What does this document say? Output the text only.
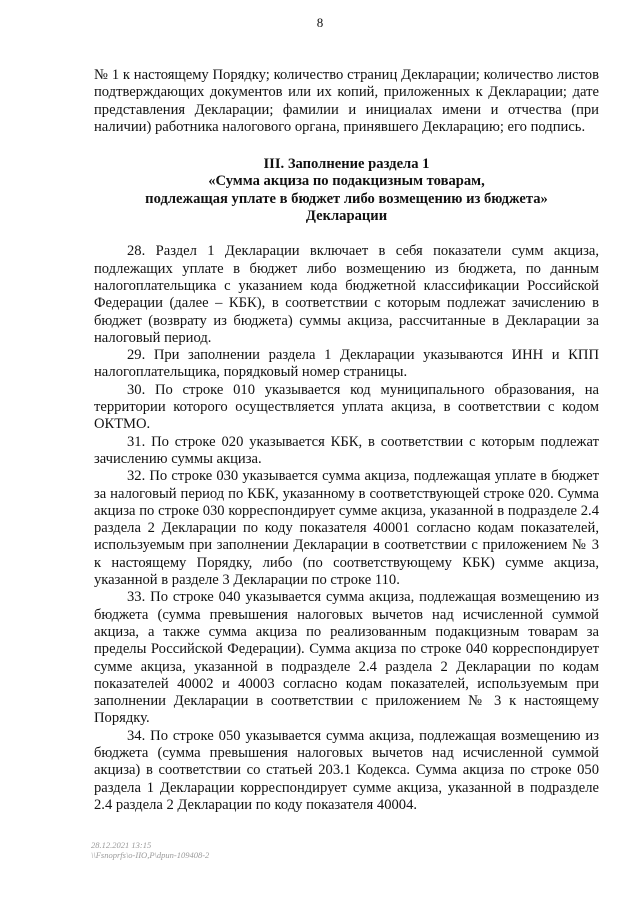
8

№ 1 к настоящему Порядку; количество страниц Декларации; количество листов подтверждающих документов или их копий, приложенных к Декларации; дате представления Декларации; фамилии и инициалах имени и отчества (при наличии) работника налогового органа, принявшего Декларацию; его подпись.

III. Заполнение раздела 1
«Сумма акциза по подакцизным товарам,
подлежащая уплате в бюджет либо возмещению из бюджета»
Декларации

28. Раздел 1 Декларации включает в себя показатели сумм акциза, подлежащих уплате в бюджет либо возмещению из бюджета, по данным налогоплательщика с указанием кода бюджетной классификации Российской Федерации (далее – КБК), в соответствии с которым подлежат зачислению в бюджет (возврату из бюджета) суммы акциза, рассчитанные в Декларации за налоговый период.

29. При заполнении раздела 1 Декларации указываются ИНН и КПП налогоплательщика, порядковый номер страницы.

30. По строке 010 указывается код муниципального образования, на территории которого осуществляется уплата акциза, в соответствии с кодом ОКТМО.

31. По строке 020 указывается КБК, в соответствии с которым подлежат зачислению суммы акциза.

32. По строке 030 указывается сумма акциза, подлежащая уплате в бюджет за налоговый период по КБК, указанному в соответствующей строке 020. Сумма акциза по строке 030 корреспондирует сумме акциза, указанной в подразделе 2.4 раздела 2 Декларации по коду показателя 40001 согласно кодам показателей, используемым при заполнении Декларации в соответствии с приложением № 3 к настоящему Порядку, либо (по соответствующему КБК) сумме акциза, указанной в разделе 3 Декларации по строке 110.

33. По строке 040 указывается сумма акциза, подлежащая возмещению из бюджета (сумма превышения налоговых вычетов над исчисленной суммой акциза, а также сумма акциза по реализованным подакцизным товарам за пределы Российской Федерации). Сумма акциза по строке 040 корреспондирует сумме акциза, указанной в подразделе 2.4 раздела 2 Декларации по кодам показателей 40002 и 40003 согласно кодам показателей, используемым при заполнении Декларации в соответствии с приложением № 3 к настоящему Порядку.

34. По строке 050 указывается сумма акциза, подлежащая возмещению из бюджета (сумма превышения налоговых вычетов над исчисленной суммой акциза) в соответствии со статьей 203.1 Кодекса. Сумма акциза по строке 050 раздела 1 Декларации корреспондирует сумме акциза, указанной в подразделе 2.4 раздела 2 Декларации по коду показателя 40004.

28.12.2021 13:15
\\Fsnoprfs\o-IIO,P\dpun-109408-2
